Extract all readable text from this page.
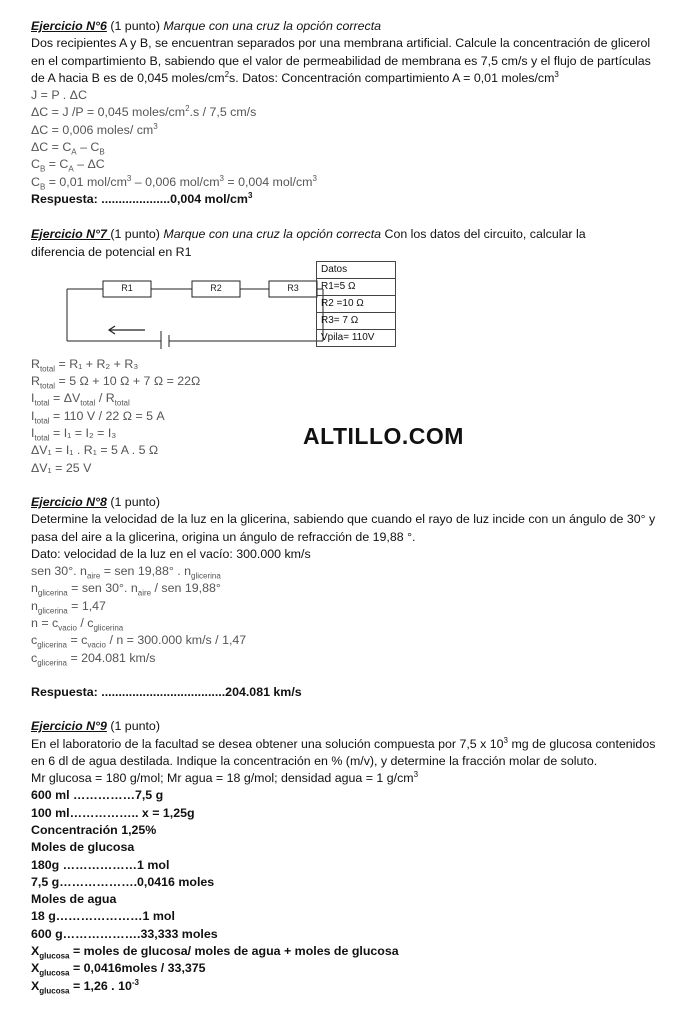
Ejercicio N°6 (1 punto) Marque con una cruz la opción correcta
Dos recipientes A y B, se encuentran separados por una membrana artificial. Calcule la concentración de glicerol
en el compartimiento B, sabiendo que el valor de permeabilidad de membrana es 7,5 cm/s y el flujo de partículas
de A hacia B es de 0,045 moles/$cm^2s$. Datos: Concentración compartimiento A = 0,01 moles/$cm^3$
J = P . ΔC
ΔC = J /P = 0,045 moles/$cm^2.s / 7,5$ cm/s
ΔC = 0,006 moles/ $cm^3$
$\Delta C = C_A - C_B$
$C_B = C_A - \Delta C$
$C_B = 0,01$ mol/$cm^3 - 0,006$ mol/$cm^3 = 0,004$ mol/$cm^3$
Respuesta: ....................0,004 mol/$cm^3$
Ejercicio N°7 (1 punto) Marque con una cruz la opción correcta Con los datos del circuito, calcular la
diferencia de potencial en R1
R1	R2	R3
Datos
R1=5 Ω
R2 =10 Ω
R3= 7 Ω
Vpila= 110V
$R_{total} = R_1 + R_2 + R_3$
$R_{total} = 5$ Ω + 10 Ω + 7 Ω = 22Ω
$I_{total} = \Delta V_{total} / R_{total}$
$I_{total} = 110$ V / 22 Ω = 5 A
$I_{total} = I_1 = I_2 = I_3$
ΔV₁ = I₁ . R₁ = 5 A . 5 Ω
ΔV₁ = 25 V
Ejercicio N°8 (1 punto)
Determine la velocidad de la luz en la glicerina, sabiendo que cuando el rayo de luz incide con un ángulo de 30° y
pasa del aire a la glicerina, origina un ángulo de refracción de 19,88 °.
Dato: velocidad de la luz en el vacío: 300.000 km/s
sen 30°. $n_{aire}$ = sen 19,88° . $n_{glicerina}$
$n_{glicerina}$ = sen 30°. $n_{aire}$ / sen 19,88°
$n_{glicerina} = 1,47$
$n = c_{vacio} / c_{glicerina}$
$c_{glicerina} = c_{vacio} / n = 300.000$ km/s / 1,47
$c_{glicerina} = 204.081$ km/s
Respuesta: ....................................204.081 km/s
Ejercicio N°9 (1 punto)
En el laboratorio de la facultad se desea obtener una solución compuesta por 7,5 x $10^3$ mg de glucosa contenidos
en 6 dl de agua destilada. Indique la concentración en % (m/v), y determine la fracción molar de soluto.
Mr glucosa = 180 g/mol; Mr agua = 18 g/mol; densidad agua = 1 $g/cm^3$
600 ml ……………7,5 g
100 ml…………….. x = 1,25g
Concentración 1,25%
Moles de glucosa
180g ………………1 mol
7,5 g……………….0,0416 moles
Moles de agua
18 g…………………1 mol
600 g……………….33,333 moles
$X_{glucosa}$ = moles de glucosa/ moles de agua + moles de glucosa
$X_{glucosa}$ = 0,0416moles / 33,375
$X_{glucosa} = 1,26$ . $10^{-3}$
ALTILLO.COM
